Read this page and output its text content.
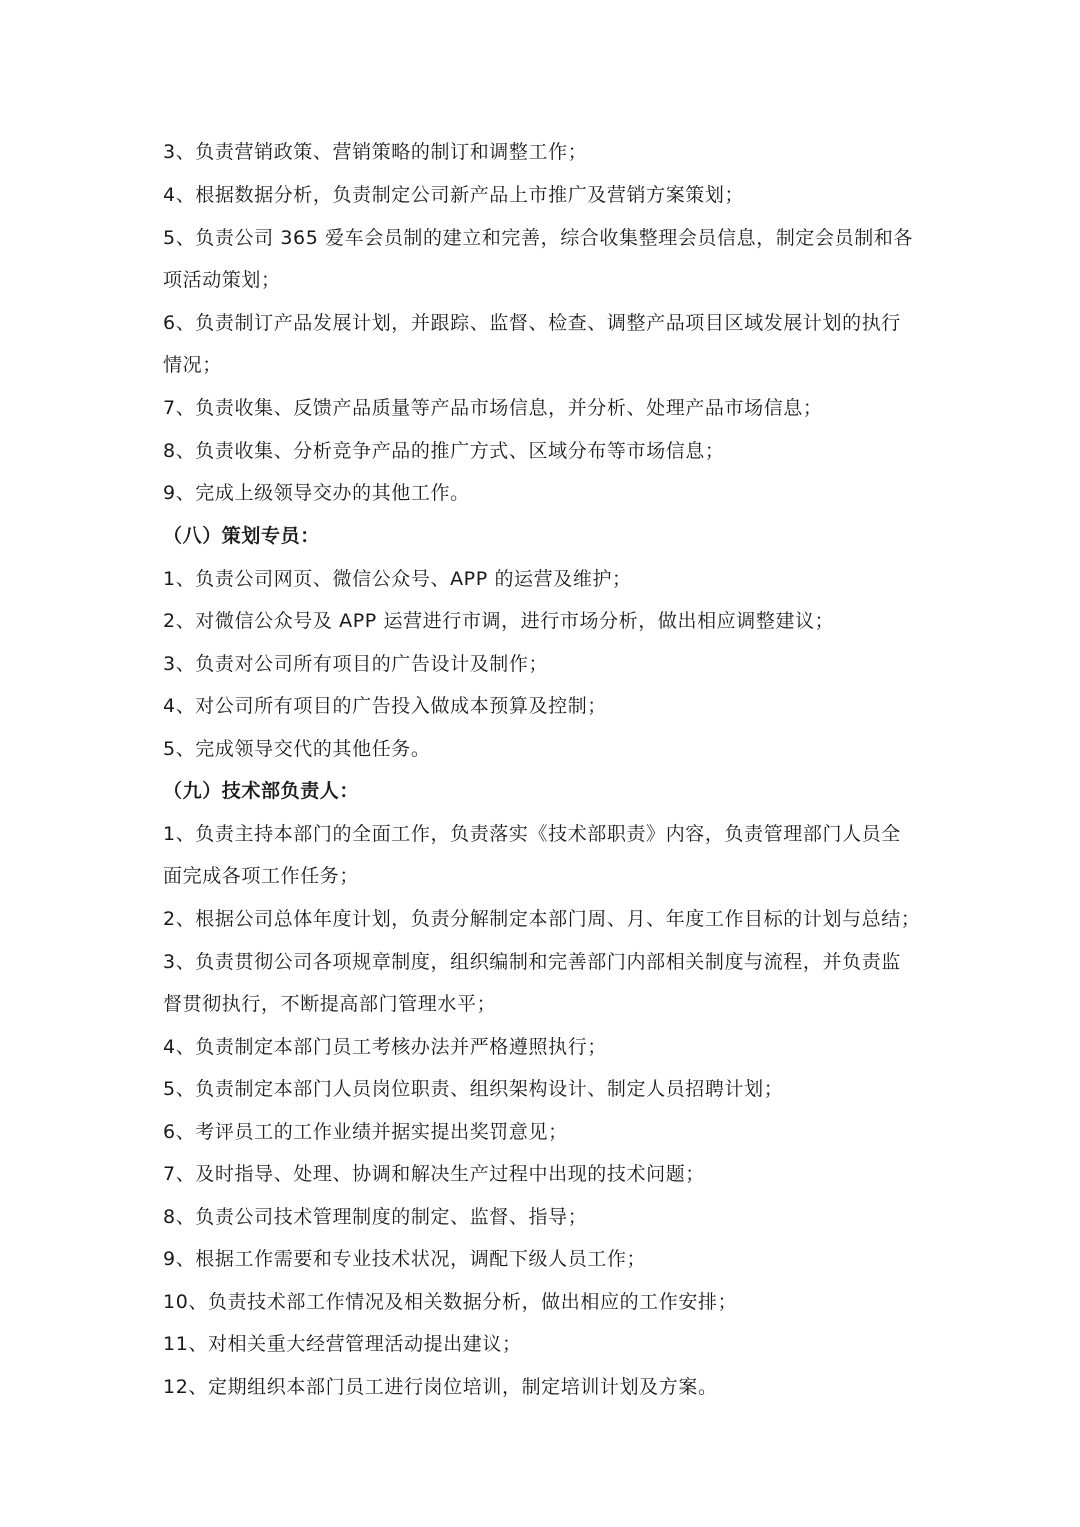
3、负责营销政策、营销策略的制订和调整工作；
4、根据数据分析，负责制定公司新产品上市推广及营销方案策划；
5、负责公司 365 爱车会员制的建立和完善，综合收集整理会员信息，制定会员制和各
项活动策划；
6、负责制订产品发展计划，并跟踪、监督、检查、调整产品项目区域发展计划的执行
情况；
7、负责收集、反馈产品质量等产品市场信息，并分析、处理产品市场信息；
8、负责收集、分析竞争产品的推广方式、区域分布等市场信息；
9、完成上级领导交办的其他工作。
（八）策划专员：
1、负责公司网页、微信公众号、APP 的运营及维护；
2、对微信公众号及 APP 运营进行市调，进行市场分析，做出相应调整建议；
3、负责对公司所有项目的广告设计及制作；
4、对公司所有项目的广告投入做成本预算及控制；
5、完成领导交代的其他任务。
（九）技术部负责人：
1、负责主持本部门的全面工作，负责落实《技术部职责》内容，负责管理部门人员全
面完成各项工作任务；
2、根据公司总体年度计划，负责分解制定本部门周、月、年度工作目标的计划与总结；
3、负责贯彻公司各项规章制度，组织编制和完善部门内部相关制度与流程，并负责监
督贯彻执行，不断提高部门管理水平；
4、负责制定本部门员工考核办法并严格遵照执行；
5、负责制定本部门人员岗位职责、组织架构设计、制定人员招聘计划；
6、考评员工的工作业绩并据实提出奖罚意见；
7、及时指导、处理、协调和解决生产过程中出现的技术问题；
8、负责公司技术管理制度的制定、监督、指导；
9、根据工作需要和专业技术状况，调配下级人员工作；
10、负责技术部工作情况及相关数据分析，做出相应的工作安排；
11、对相关重大经营管理活动提出建议；
12、定期组织本部门员工进行岗位培训，制定培训计划及方案。
